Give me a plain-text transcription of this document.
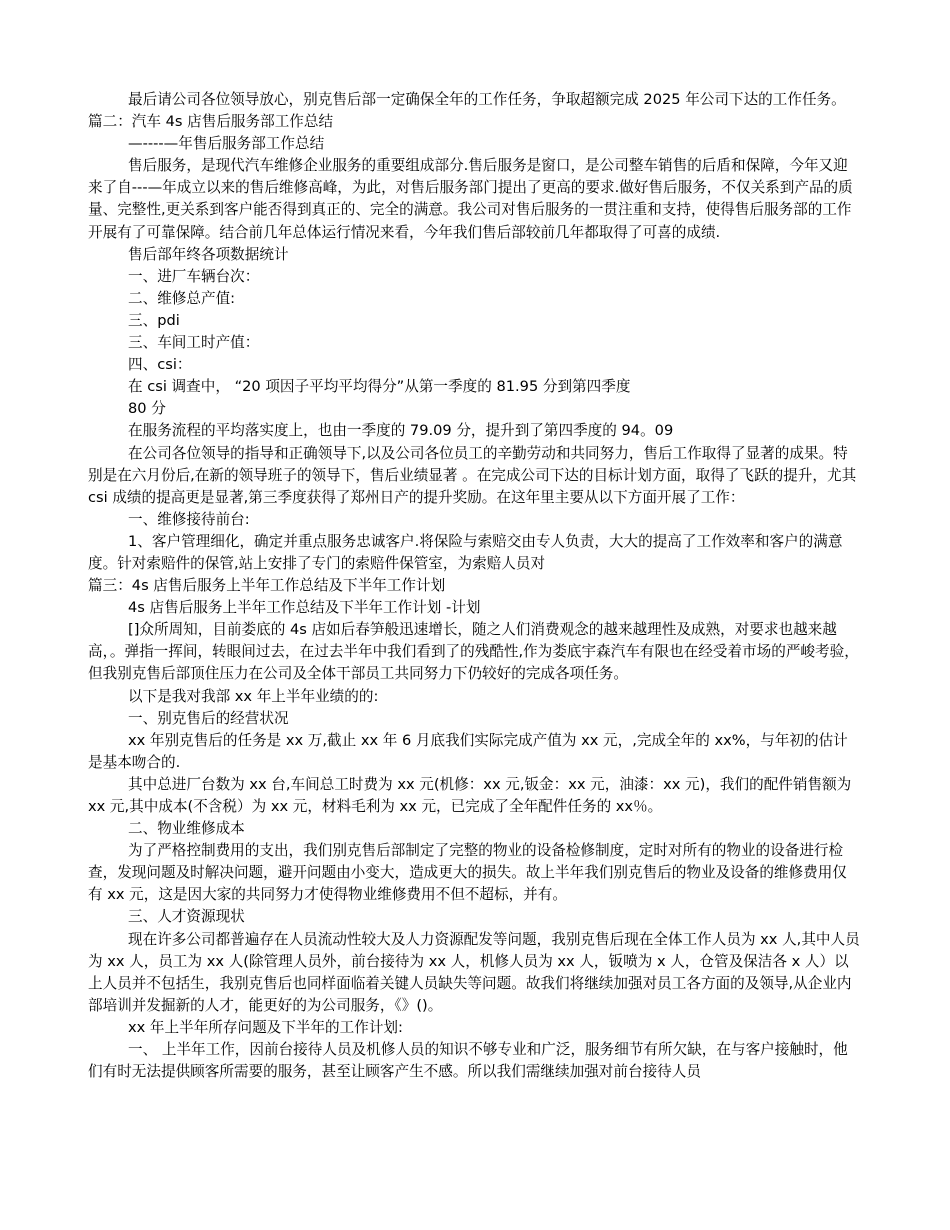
最后请公司各位领导放心，别克售后部一定确保全年的工作任务，争取超额完成 2025 年公司下达的工作任务。篇二：汽车 4s 店售后服务部工作总结

—----—年售后服务部工作总结

售后服务，是现代汽车维修企业服务的重要组成部分.售后服务是窗口，是公司整车销售的后盾和保障，今年又迎来了自---—年成立以来的售后维修高峰，为此，对售后服务部门提出了更高的要求.做好售后服务，不仅关系到产品的质量、完整性,更关系到客户能否得到真正的、完全的满意。我公司对售后服务的一贯注重和支持，使得售后服务部的工作开展有了可靠保障。结合前几年总体运行情况来看，今年我们售后部较前几年都取得了可喜的成绩.

售后部年终各项数据统计

一、进厂车辆台次：

二、维修总产值:

三、pdi

三、车间工时产值：

四、csi：

在 csi 调查中， “20 项因子平均平均得分”从第一季度的 81.95 分到第四季度

80 分

在服务流程的平均落实度上，也由一季度的 79.09 分，提升到了第四季度的 94。09

在公司各位领导的指导和正确领导下,以及公司各位员工的辛勤劳动和共同努力，售后工作取得了显著的成果。特别是在六月份后,在新的领导班子的领导下，售后业绩显著 。在完成公司下达的目标计划方面，取得了飞跃的提升，尤其 csi 成绩的提高更是显著,第三季度获得了郑州日产的提升奖励。在这年里主要从以下方面开展了工作：

一、维修接待前台:

1、客户管理细化，确定并重点服务忠诚客户.将保险与索赔交由专人负责，大大的提高了工作效率和客户的满意度。针对索赔件的保管,站上安排了专门的索赔件保管室，为索赔人员对

篇三：4s 店售后服务上半年工作总结及下半年工作计划

4s 店售后服务上半年工作总结及下半年工作计划 -计划

[]众所周知，目前娄底的 4s 店如后春笋般迅速增长，随之人们消费观念的越来越理性及成熟，对要求也越来越高，。弹指一挥间，转眼间过去，在过去半年中我们看到了的残酷性,作为娄底宇森汽车有限也在经受着市场的严峻考验，但我别克售后部顶住压力在公司及全体干部员工共同努力下仍较好的完成各项任务。

以下是我对我部 xx 年上半年业绩的的:

一、别克售后的经营状况

xx 年别克售后的任务是 xx 万,截止 xx 年 6 月底我们实际完成产值为 xx 元，,完成全年的 xx%，与年初的估计是基本吻合的.

其中总进厂台数为 xx 台,车间总工时费为 xx 元(机修：xx 元,钣金：xx 元，油漆：xx 元)，我们的配件销售额为 xx 元,其中成本(不含税）为 xx 元，材料毛利为 xx 元，已完成了全年配件任务的 xx％。

二、物业维修成本

为了严格控制费用的支出，我们别克售后部制定了完整的物业的设备检修制度，定时对所有的物业的设备进行检查，发现问题及时解决问题，避开问题由小变大，造成更大的损失。故上半年我们别克售后的物业及设备的维修费用仅有 xx 元，这是因大家的共同努力才使得物业维修费用不但不超标，并有。

三、人才资源现状

现在许多公司都普遍存在人员流动性较大及人力资源配发等问题，我别克售后现在全体工作人员为 xx 人,其中人员为 xx 人，员工为 xx 人(除管理人员外，前台接待为 xx 人，机修人员为 xx 人，钣喷为 x 人，仓管及保洁各 x 人）以上人员并不包括生，我别克售后也同样面临着关键人员缺失等问题。故我们将继续加强对员工各方面的及领导,从企业内部培训并发掘新的人才，能更好的为公司服务，《》()。

xx 年上半年所存问题及下半年的工作计划:

一、 上半年工作，因前台接待人员及机修人员的知识不够专业和广泛，服务细节有所欠缺，在与客户接触时，他们有时无法提供顾客所需要的服务，甚至让顾客产生不感。所以我们需继续加强对前台接待人员
